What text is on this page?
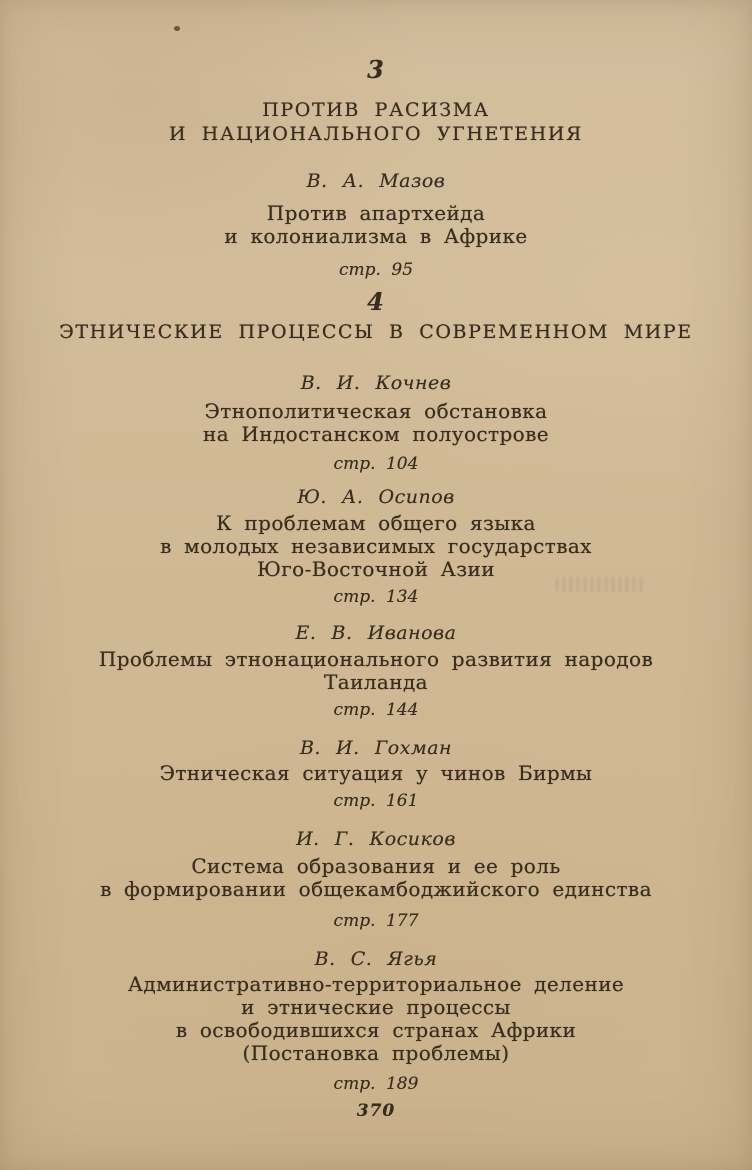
3
ПРОТИВ РАСИЗМА
И НАЦИОНАЛЬНОГО УГНЕТЕНИЯ
В. А. Мазов
Против апартхейда
и колониализма в Африке
стр. 95
4
ЭТНИЧЕСКИЕ ПРОЦЕССЫ В СОВРЕМЕННОМ МИРЕ
В. И. Кочнев
Этнополитическая обстановка
на Индостанском полуострове
стр. 104
Ю. А. Осипов
К проблемам общего языка
в молодых независимых государствах
Юго-Восточной Азии
стр. 134
Е. В. Иванова
Проблемы этнонационального развития народов
Таиланда
стр. 144
В. И. Гохман
Этническая ситуация у чинов Бирмы
стр. 161
И. Г. Косиков
Система образования и ее роль
в формировании общекамбоджийского единства
стр. 177
В. С. Ягья
Административно-территориальное деление
и этнические процессы
в освободившихся странах Африки
(Постановка проблемы)
стр. 189
370
